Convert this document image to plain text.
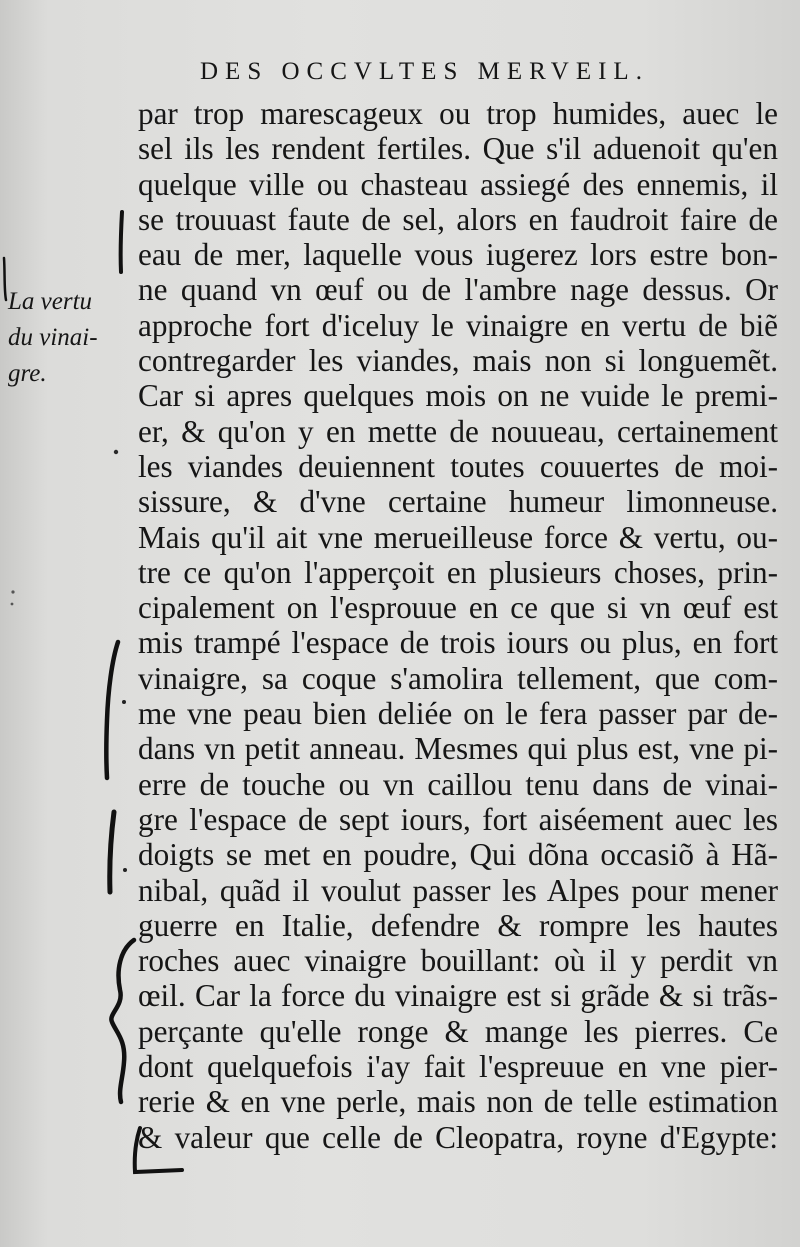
DES OCCVLTES MERVEIL.
La vertu
du vinai-
gre.
par trop marescageux ou trop humides, auec le
sel ils les rendent fertiles. Que s'il aduenoit qu'en
quelque ville ou chasteau assiegé des ennemis, il
se trouuast faute de sel, alors en faudroit faire de
eau de mer, laquelle vous iugerez lors estre bon-
ne quand vn œuf ou de l'ambre nage dessus. Or
approche fort d'iceluy le vinaigre en vertu de biẽ
contregarder les viandes, mais non si longuemẽt.
Car si apres quelques mois on ne vuide le premi-
er, & qu'on y en mette de nouueau, certainement
les viandes deuiennent toutes couuertes de moi-
sissure, & d'vne certaine humeur limonneuse.
Mais qu'il ait vne merueilleuse force & vertu, ou-
tre ce qu'on l'apperçoit en plusieurs choses, prin-
cipalement on l'esprouue en ce que si vn œuf est
mis trampé l'espace de trois iours ou plus, en fort
vinaigre, sa coque s'amolira tellement, que com-
me vne peau bien deliée on le fera passer par de-
dans vn petit anneau. Mesmes qui plus est, vne pi-
erre de touche ou vn caillou tenu dans de vinai-
gre l'espace de sept iours, fort aiséement auec les
doigts se met en poudre, Qui dõna occasiõ à Hã-
nibal, quãd il voulut passer les Alpes pour mener
guerre en Italie, defendre & rompre les hautes
roches auec vinaigre bouillant: où il y perdit vn
œil. Car la force du vinaigre est si grãde & si trãs-
perçante qu'elle ronge & mange les pierres. Ce
dont quelquefois i'ay fait l'espreuue en vne pier-
rerie & en vne perle, mais non de telle estimation
& valeur que celle de Cleopatra, royne d'Egypte:
